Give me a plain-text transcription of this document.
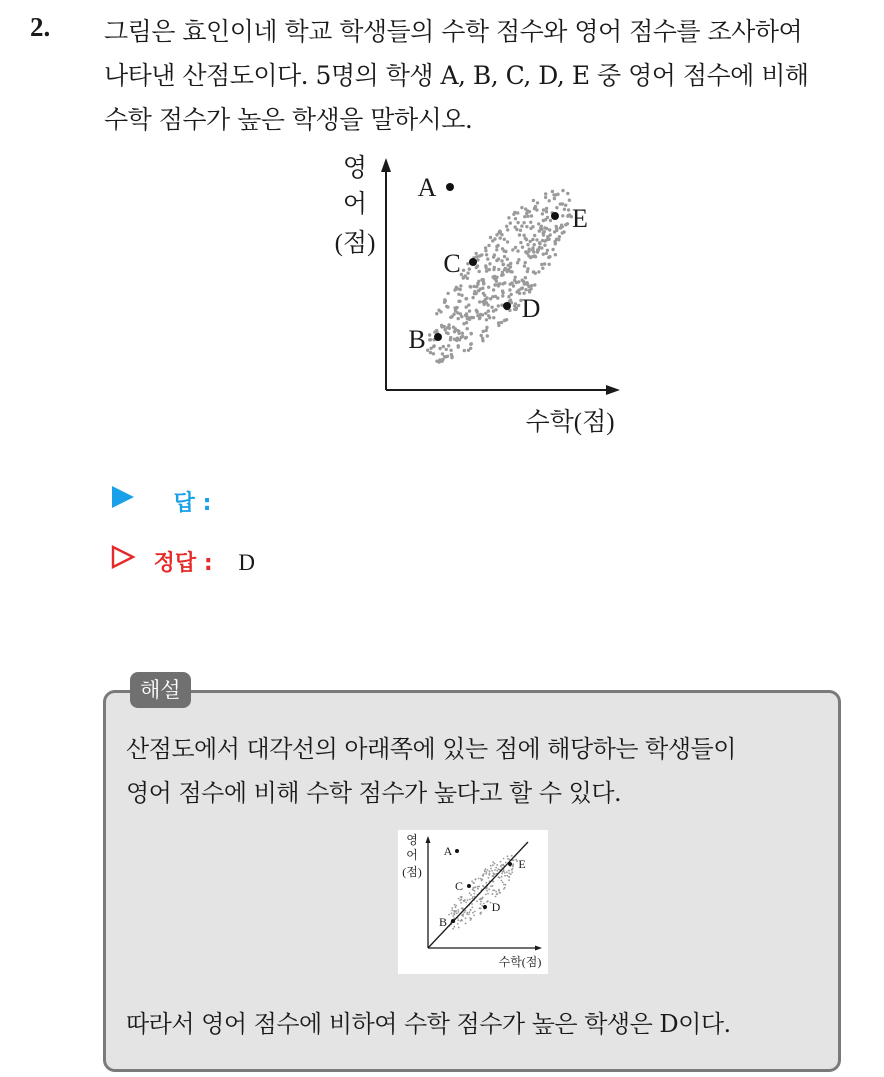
2. 그림은 효인이네 학교 학생들의 수학 점수와 영어 점수를 조사하여
나타낸 산점도이다. 5명의 학생 A, B, C, D, E 중 영어 점수에 비해
수학 점수가 높은 학생을 말하시오.
영
어
(점)
수학(점)
A
B
C
D
E
답 :
정답 : D
해설
산점도에서 대각선의 아래쪽에 있는 점에 해당하는 학생들이
영어 점수에 비해 수학 점수가 높다고 할 수 있다.
영
어
(점)
수학(점)
A
B
C
D
E
따라서 영어 점수에 비하여 수학 점수가 높은 학생은 D이다.
